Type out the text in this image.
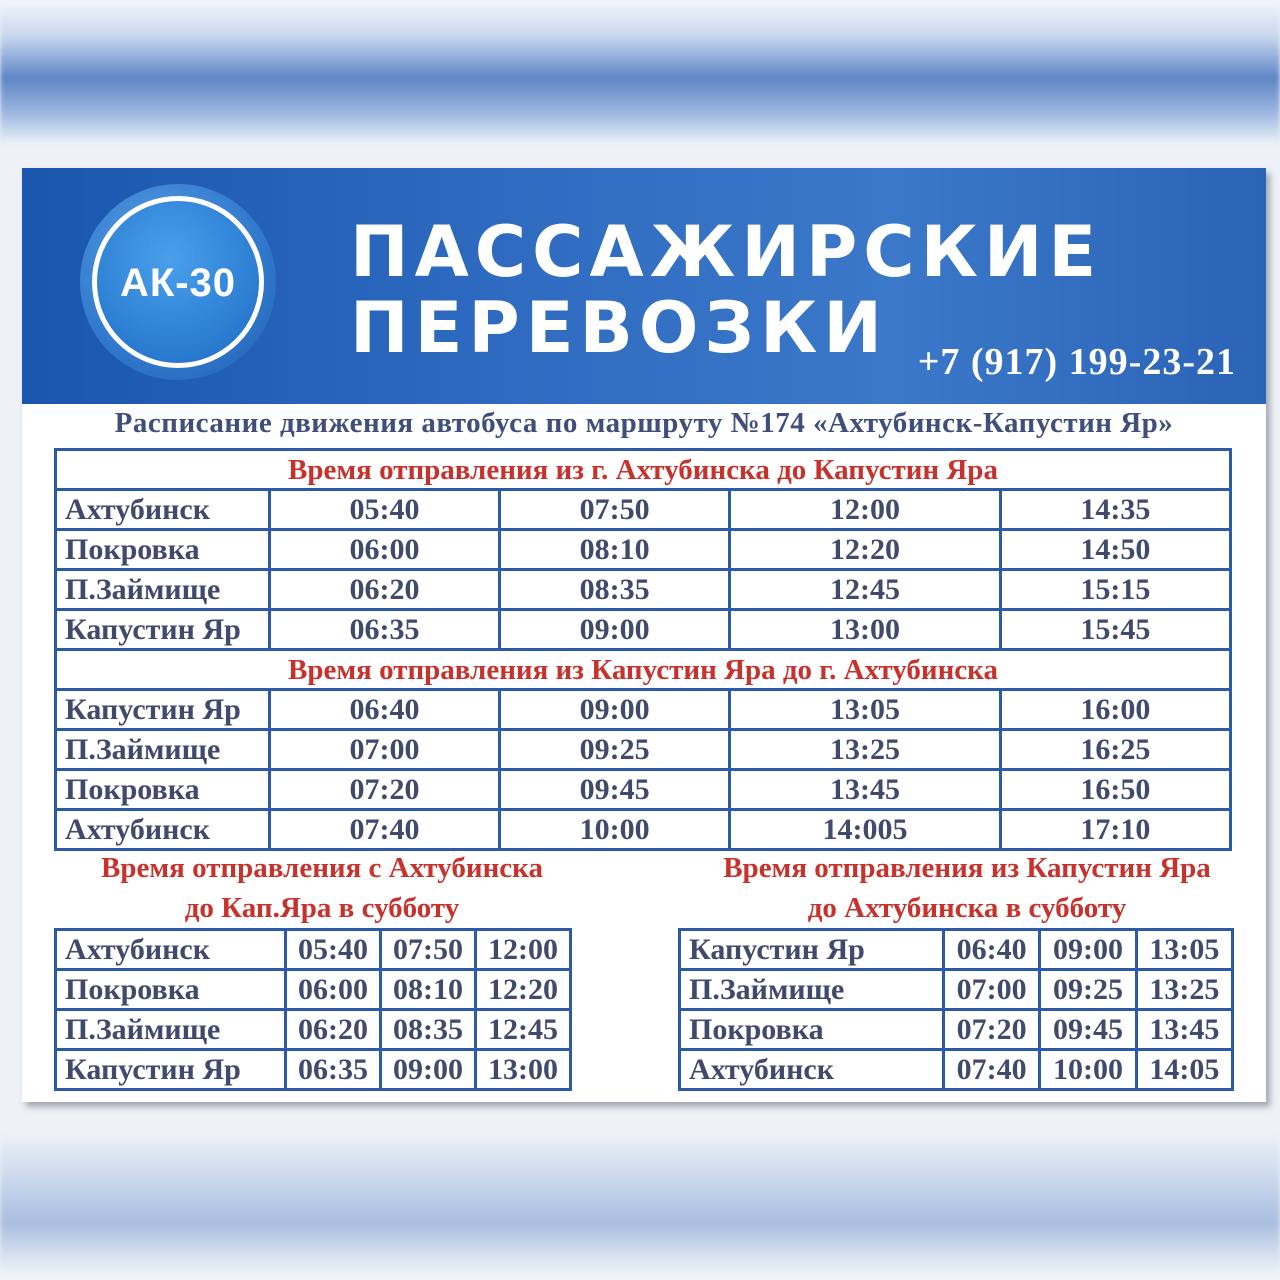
АК-30	ПАССАЖИРСКИЕ
ПЕРЕВОЗКИ +7 (917) 199-23-21
Расписание движения автобуса по маршруту №174 «Ахтубинск-Капустин Яр»
Время отправления из г. Ахтубинска до Капустин Яра				
Ахтубинск	05:40	07:50	12:00	14:35
Покровка	06:00	08:10	12:20	14:50
П.Займище	06:20	08:35	12:45	15:15
Капустин Яр	06:35	09:00	13:00	15:45
Время отправления из Капустин Яра до г. Ахтубинска				
Капустин Яр	06:40	09:00	13:05	16:00
П.Займище	07:00	09:25	13:25	16:25
Покровка	07:20	09:45	13:45	16:50
Ахтубинск	07:40	10:00	14:005	17:10
Время отправления с Ахтубинска
до Кап.Яра в субботу
Время отправления из Капустин Яра
до Ахтубинска в субботу
Ахтубинск	05:40	07:50	12:00
Покровка	06:00	08:10	12:20
П.Займище	06:20	08:35	12:45
Капустин Яр	06:35	09:00	13:00
Капустин Яр	06:40	09:00	13:05
П.Займище	07:00	09:25	13:25
Покровка	07:20	09:45	13:45
Ахтубинск	07:40	10:00	14:05
